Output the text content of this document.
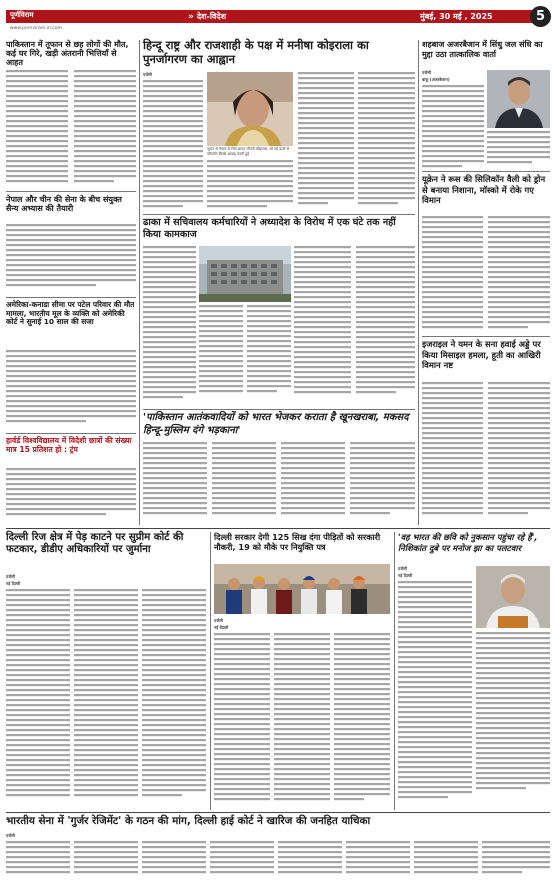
पूर्णविराम
www.purnviram.in.com
» देश-विदेश	मुंबई, 30 मई , 2025	5
पाकिस्तान में तूफान से छह लोगों की मौत, कई घर गिरे, खड़ी अंतरानी भित्तियाँ से आहत
नेपाल और चीन की सेना के बीच संयुक्त सैन्य अभ्यास की तैयारी
अमेरिका-कनाडा सीमा पर पटेल परिवार की मौत मामला, भारतीय मूल के व्यक्ति को अमेरिकी कोर्ट ने सुनाई 10 साल की सजा
हार्वर्ड विश्वविद्यालय में विदेशी छात्रों की संख्या मात्र 15 प्रतिशत हो : ट्रंप
हिन्दू राष्ट्र और राजशाही के पक्ष में मनीषा कोइराला का पुनर्जागरण का आह्वान
एजेंसी
भूटान से नेपाल के लिए ज्ञापन सौंपती कोइराला, जो नई ऊर्जा से परिवर्तन किस्से आवाह करती हुई
ढाका में सचिवालय कर्मचारियों ने अध्यादेश के विरोध में एक घंटे तक नहीं किया कामकाज
'पाकिस्तान आतंकवादियों को भारत भेजकर कराता है खूनखराबा, मकसद हिन्दू-मुस्लिम दंगे भड़काना'
शहबाज अजरबैजान में सिंधु जल संधि का मुद्दा उठा तात्कालिक वार्ता
एजेंसी
बाकू (अजरबैजान)
यूक्रेन ने रूस की सिलिकॉन वैली को ड्रोन से बनाया निशाना, मॉस्को में रोके गए विमान
इजराइल ने यमन के सना हवाई अड्डे पर किया मिसाइल हमला, हूती का आखिरी विमान नष्ट
दिल्ली रिज क्षेत्र में पेड़ काटने पर सुप्रीम कोर्ट की फटकार, डीडीए अधिकारियों पर जुर्माना
एजेंसी
नई दिल्ली
दिल्ली सरकार देगी 125 सिख दंगा पीड़ितों को सरकारी नौकरी, 19 को मौके पर नियुक्ति पत्र
एजेंसी
नई दिल्ली
'वह भारत की छवि को नुकसान पहुंचा रहे हैं', निशिकांत दुबे पर मनोज झा का पलटवार
एजेंसी
नई दिल्ली
भारतीय सेना में 'गुर्जर रेजिमेंट' के गठन की मांग, दिल्ली हाई कोर्ट ने खारिज की जनहित याचिका
एजेंसी
